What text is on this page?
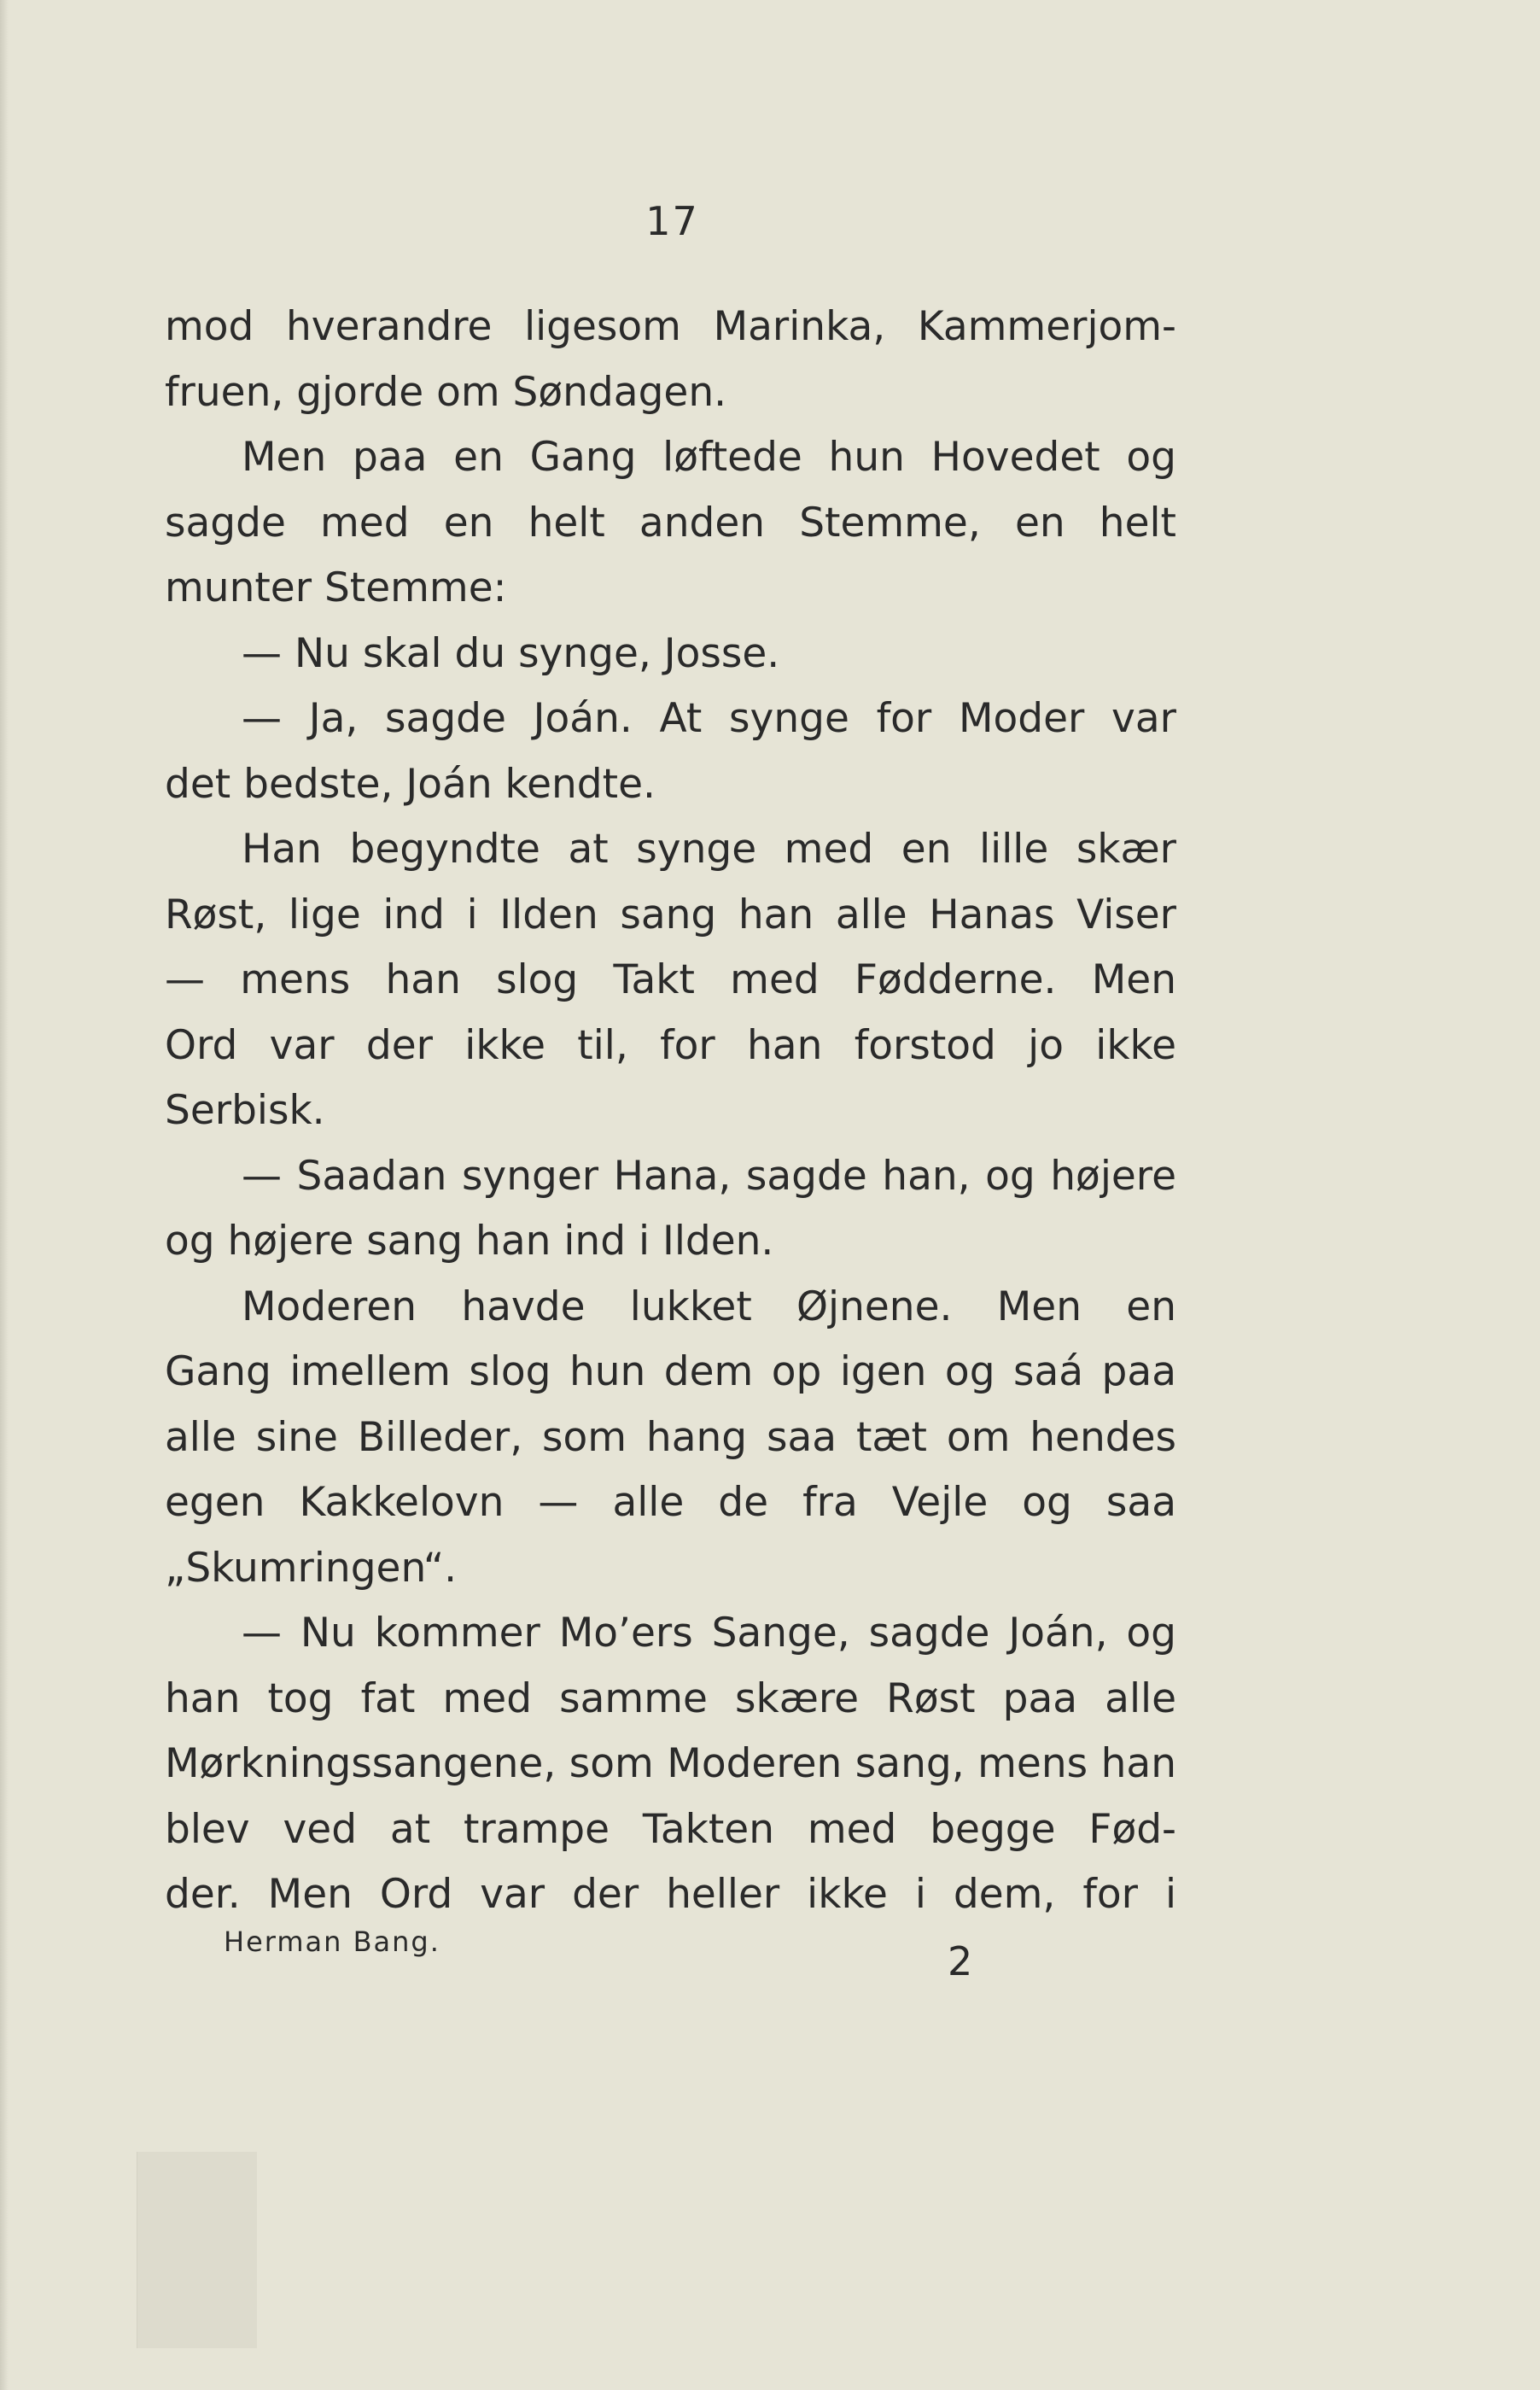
17
mod hverandre ligesom Marinka, Kammerjom-
fruen, gjorde om Søndagen.
Men paa en Gang løftede hun Hovedet og
sagde med en helt anden Stemme, en helt
munter Stemme:
— Nu skal du synge, Josse.
— Ja, sagde Joán. At synge for Moder var
det bedste, Joán kendte.
Han begyndte at synge med en lille skær
Røst, lige ind i Ilden sang han alle Hanas Viser
— mens han slog Takt med Fødderne. Men
Ord var der ikke til, for han forstod jo ikke
Serbisk.
— Saadan synger Hana, sagde han, og højere
og højere sang han ind i Ilden.
Moderen havde lukket Øjnene. Men en
Gang imellem slog hun dem op igen og saá paa
alle sine Billeder, som hang saa tæt om hendes
egen Kakkelovn — alle de fra Vejle og saa
„Skumringen“.
— Nu kommer Mo’ers Sange, sagde Joán, og
han tog fat med samme skære Røst paa alle
Mørkningssangene, som Moderen sang, mens han
blev ved at trampe Takten med begge Fød-
der. Men Ord var der heller ikke i dem, for i
Herman Bang.	2
